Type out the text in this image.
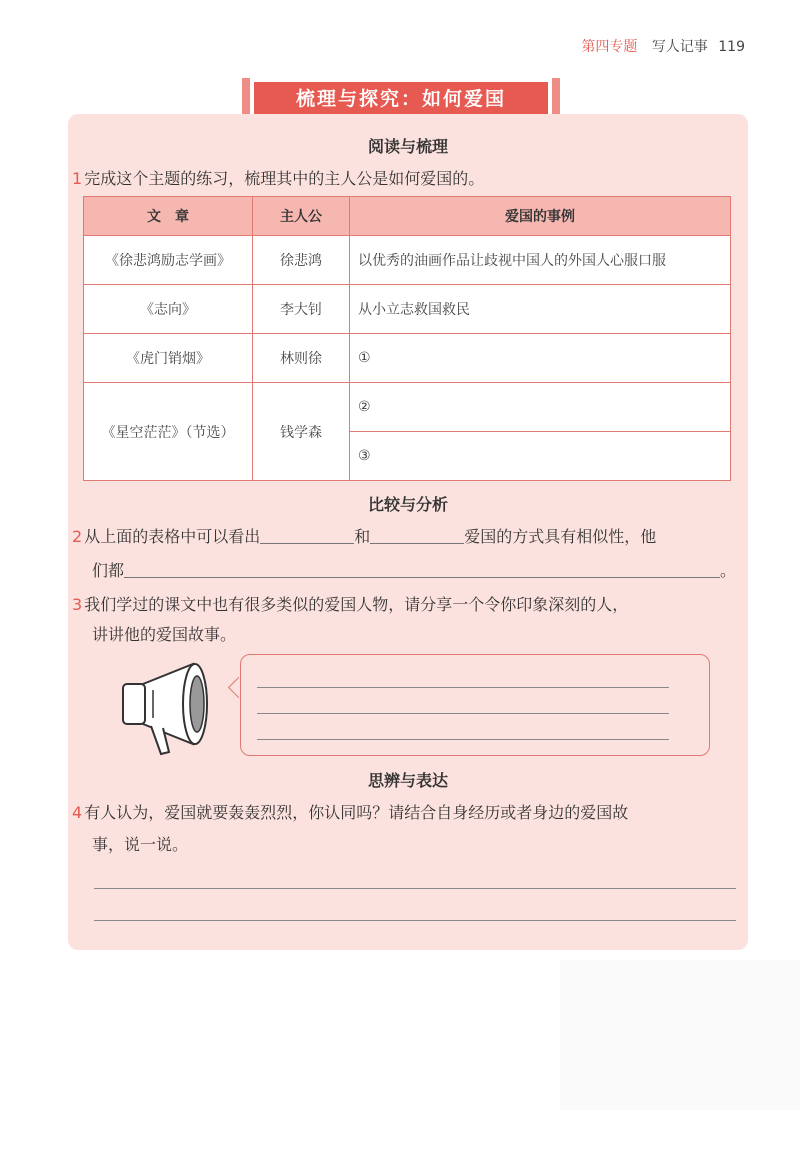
第四专题 写人记事 119
梳理与探究：如何爱国
阅读与梳理
1 完成这个主题的练习，梳理其中的主人公是如何爱国的。
文　章	主人公	爱国的事例
《徐悲鸿励志学画》	徐悲鸿	以优秀的油画作品让歧视中国人的外国人心服口服
《志向》	李大钊	从小立志救国救民
《虎门销烟》	林则徐	①
《星空茫茫》（节选）	钱学森	②
		③
比较与分析
2 从上面的表格中可以看出	和	爱国的方式具有相似性，他
们都	。
3 我们学过的课文中也有很多类似的爱国人物，请分享一个令你印象深刻的人，
讲讲他的爱国故事。
思辨与表达
4 有人认为，爱国就要轰轰烈烈，你认同吗？请结合自身经历或者身边的爱国故
事，说一说。
